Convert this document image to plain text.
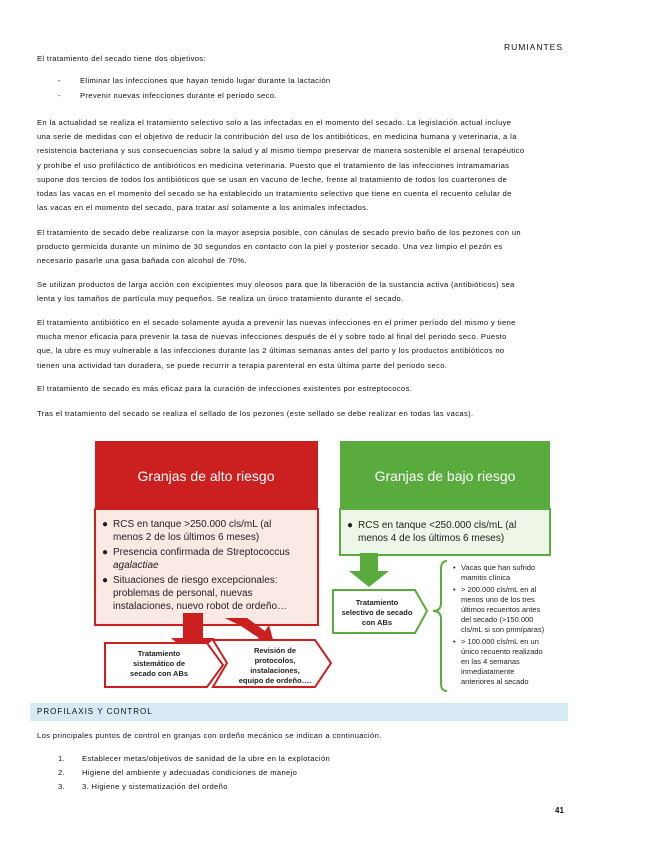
RUMIANTES

El tratamiento del secado tiene dos objetivos:

-	Eliminar las infecciones que hayan tenido lugar durante la lactación
-	Prevenir nuevas infecciones durante el periodo seco.

En la actualidad se realiza el tratamiento selectivo solo a las infectadas en el momento del secado. La legislación actual incluye
una serie de medidas con el objetivo de reducir la contribución del uso de los antibióticos, en medicina humana y veterinaria, a la
resistencia bacteriana y sus consecuencias sobre la salud y al mismo tiempo preservar de manera sostenible el arsenal terapéutico
y prohíbe el uso profiláctico de antibióticos en medicina veterinaria. Puesto que el tratamiento de las infecciones intramamarias
supone dos tercios de todos los antibióticos que se usan en vacuno de leche, frente al tratamiento de todos los cuarterones de
todas las vacas en el momento del secado se ha establecido un tratamiento selectivo que tiene en cuenta el recuento celular de
las vacas en el momento del secado, para tratar así solamente a los animales infectados.

El tratamiento de secado debe realizarse con la mayor asepsia posible, con cánulas de secado previo baño de los pezones con un
producto germicida durante un mínimo de 30 segundos en contacto con la piel y posterior secado. Una vez limpio el pezón es
necesario pasarle una gasa bañada con alcohol de 70%.

Se utilizan productos de larga acción con excipientes muy oleosos para que la liberación de la sustancia activa (antibióticos) sea
lenta y los tamaños de partícula muy pequeños. Se realiza un único tratamiento durante el secado.

El tratamiento antibiótico en el secado solamente ayuda a prevenir las nuevas infecciones en el primer período del mismo y tiene
mucha menor eficacia para prevenir la tasa de nuevas infecciones después de él y sobre todo al final del periodo seco. Puesto
que, la ubre es muy vulnerable a las infecciones durante las 2 últimas semanas antes del parto y los productos antibióticos no
tienen una actividad tan duradera, se puede recurrir a terapia parenteral en esta última parte del periodo seco.

El tratamiento de secado es más eficaz para la curación de infecciones existentes por estreptococos.

Tras el tratamiento del secado se realiza el sellado de los pezones (este sellado se debe realizar en todas las vacas).

Granjas de alto riesgo
● RCS en tanque >250.000 cls/mL (al
menos 2 de los últimos 6 meses)
● Presencia confirmada de Streptococcus
agalactiae
● Situaciones de riesgo excepcionales:
problemas de personal, nuevas
instalaciones, nuevo robot de ordeño…
Tratamiento
sistemático de
secado con ABs
Revisión de
protocolos,
instalaciones,
equipo de ordeño….
Granjas de bajo riesgo
● RCS en tanque <250.000 cls/mL (al
menos 4 de los últimos 6 meses)
Tratamiento
selectivo de secado
con ABs
• Vacas que han sufrido
mamitis clínica
• > 200.000 cls/mL en al
menos uno de los tres
últimos recuentos antes
del secado (>150.000
cls/mL si son primíparas)
• > 100.000 cls/mL en un
único recuento realizado
en las 4 semanas
inmediatamente
anteriores al secado
PROFILAXIS Y CONTROL

Los principales puntos de control en granjas con ordeño mecánico se indican a continuación.

1. Establecer metas/objetivos de sanidad de la ubre en la explotación
2. Higiene del ambiente y adecuadas condiciones de manejo
3. 3. Higiene y sistematización del ordeño
41
